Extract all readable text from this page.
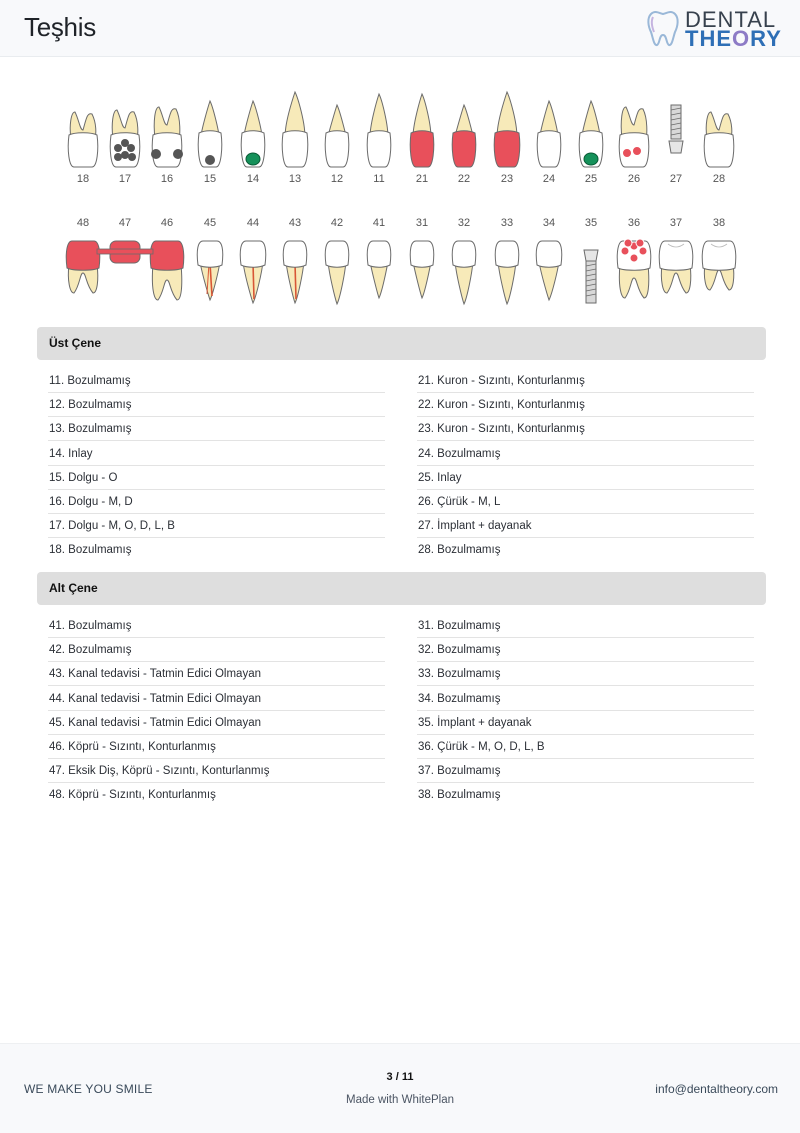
Teşhis	DENTAL
THEORY
18	17	16	15	14	13	12	11	21	22	23	24	25	26	27	28
48	47	46	45	44	43	42	41	31	32	33	34	35	36	37	38
Üst Çene
11. Bozulmamış
12. Bozulmamış
13. Bozulmamış
14. Inlay
15. Dolgu - O
16. Dolgu - M, D
17. Dolgu - M, O, D, L, B
18. Bozulmamış
21. Kuron - Sızıntı, Konturlanmış
22. Kuron - Sızıntı, Konturlanmış
23. Kuron - Sızıntı, Konturlanmış
24. Bozulmamış
25. Inlay
26. Çürük - M, L
27. İmplant + dayanak
28. Bozulmamış
Alt Çene
41. Bozulmamış
42. Bozulmamış
43. Kanal tedavisi - Tatmin Edici Olmayan
44. Kanal tedavisi - Tatmin Edici Olmayan
45. Kanal tedavisi - Tatmin Edici Olmayan
46. Köprü - Sızıntı, Konturlanmış
47. Eksik Diş, Köprü - Sızıntı, Konturlanmış
48. Köprü - Sızıntı, Konturlanmış
31. Bozulmamış
32. Bozulmamış
33. Bozulmamış
34. Bozulmamış
35. İmplant + dayanak
36. Çürük - M, O, D, L, B
37. Bozulmamış
38. Bozulmamış
WE MAKE YOU SMILE
3 / 11
Made with WhitePlan
info@dentaltheory.com
